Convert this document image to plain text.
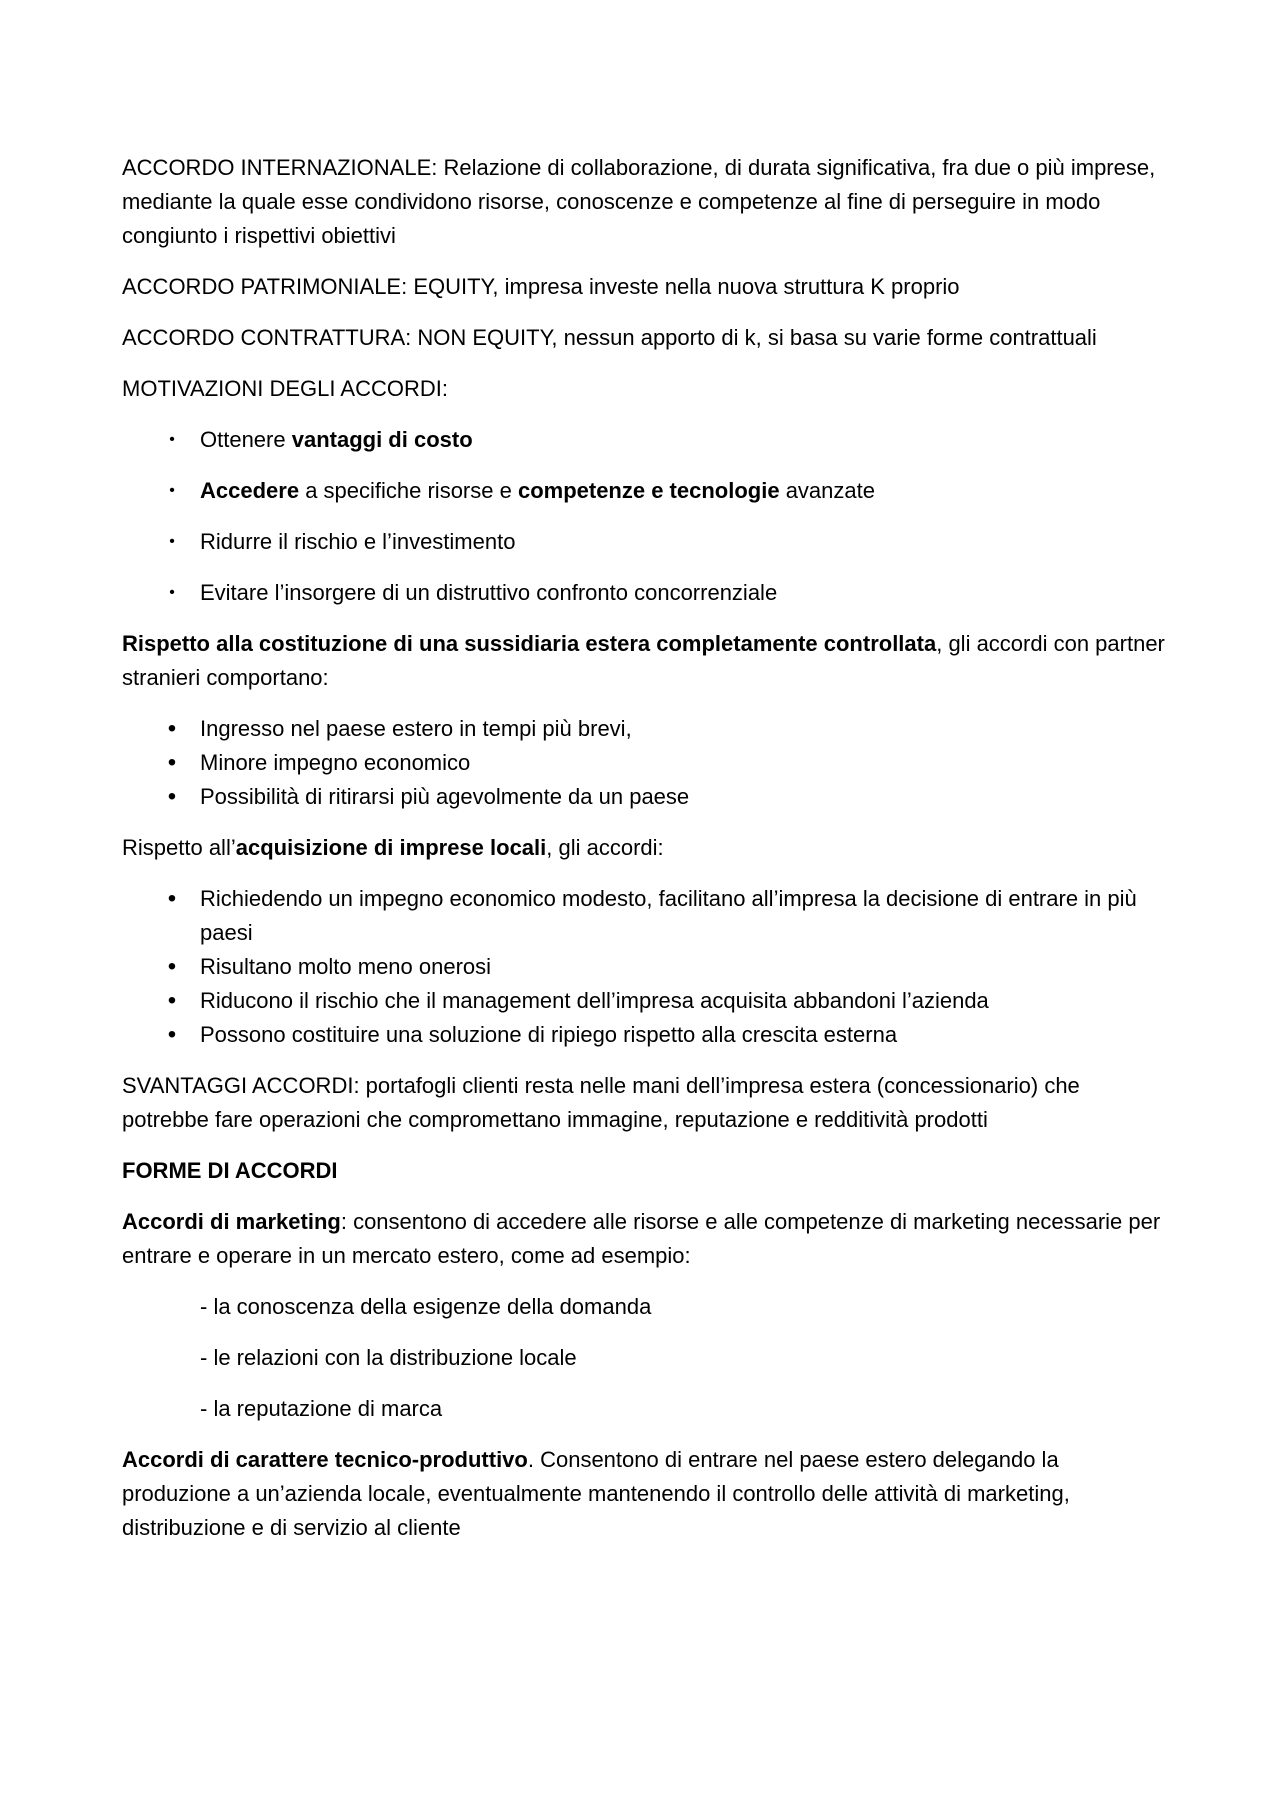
ACCORDO INTERNAZIONALE: Relazione di collaborazione, di durata significativa, fra due o più imprese, mediante la quale esse condividono risorse, conoscenze e competenze al fine di perseguire in modo congiunto i rispettivi obiettivi

ACCORDO PATRIMONIALE: EQUITY, impresa investe nella nuova struttura K proprio

ACCORDO CONTRATTURA: NON EQUITY, nessun apporto di k, si basa su varie forme contrattuali

MOTIVAZIONI DEGLI ACCORDI:

•	Ottenere vantaggi di costo
•	Accedere a specifiche risorse e competenze e tecnologie avanzate
•	Ridurre il rischio e l’investimento
•	Evitare l’insorgere di un distruttivo confronto concorrenziale

Rispetto alla costituzione di una sussidiaria estera completamente controllata, gli accordi con partner stranieri comportano:

• Ingresso nel paese estero in tempi più brevi,
• Minore impegno economico
• Possibilità di ritirarsi più agevolmente da un paese

Rispetto all’acquisizione di imprese locali, gli accordi:

• Richiedendo un impegno economico modesto, facilitano all’impresa la decisione di entrare in più paesi
• Risultano molto meno onerosi
• Riducono il rischio che il management dell’impresa acquisita abbandoni l’azienda
• Possono costituire una soluzione di ripiego rispetto alla crescita esterna

SVANTAGGI ACCORDI: portafogli clienti resta nelle mani dell’impresa estera (concessionario) che potrebbe fare operazioni che compromettano immagine, reputazione e redditività prodotti

FORME DI ACCORDI

Accordi di marketing: consentono di accedere alle risorse e alle competenze di marketing necessarie per entrare e operare in un mercato estero, come ad esempio:

- la conoscenza della esigenze della domanda

- le relazioni con la distribuzione locale

- la reputazione di marca

Accordi di carattere tecnico-produttivo. Consentono di entrare nel paese estero delegando la produzione a un’azienda locale, eventualmente mantenendo il controllo delle attività di marketing, distribuzione e di servizio al cliente
